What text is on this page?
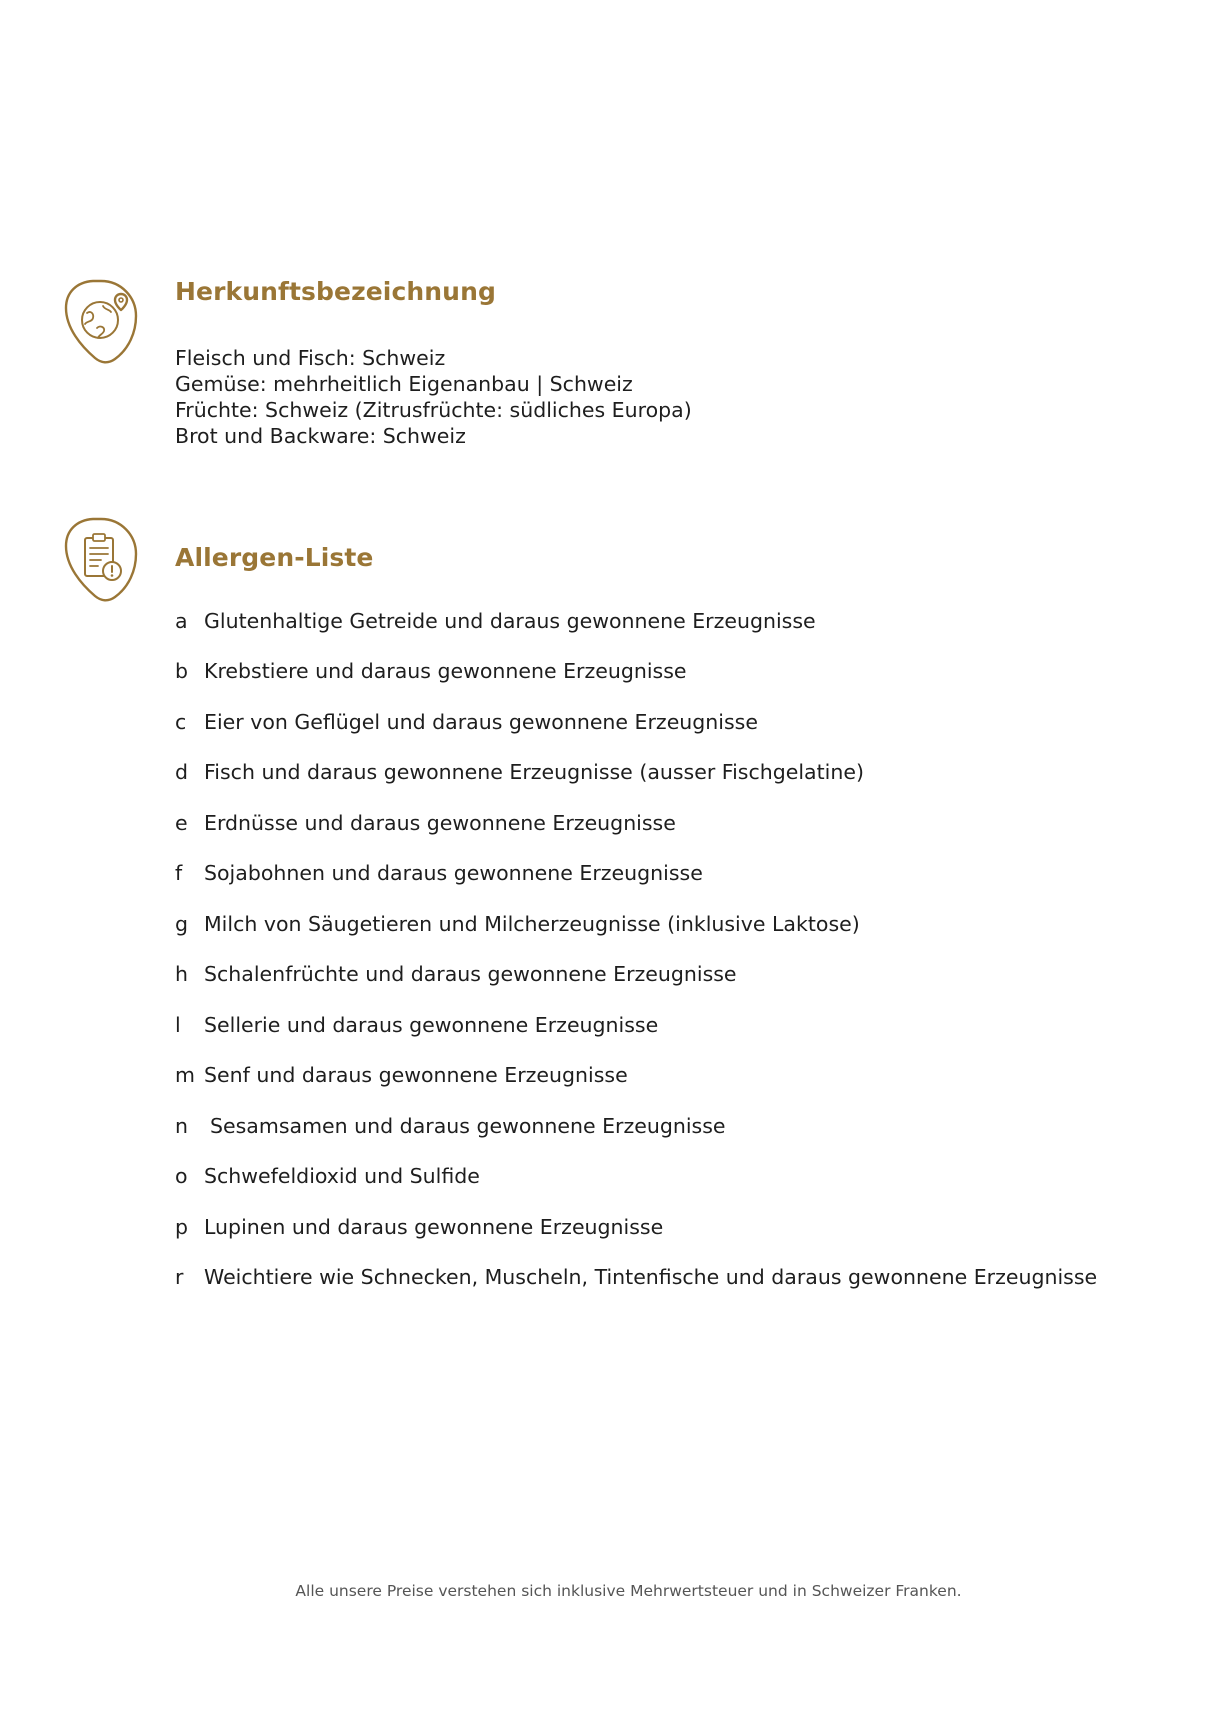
Herkunftsbezeichnung
Fleisch und Fisch: Schweiz
Gemüse: mehrheitlich Eigenanbau | Schweiz
Früchte: Schweiz (Zitrusfrüchte: südliches Europa)
Brot und Backware: Schweiz
Allergen-Liste
a Glutenhaltige Getreide und daraus gewonnene Erzeugnisse
b Krebstiere und daraus gewonnene Erzeugnisse
c Eier von Geflügel und daraus gewonnene Erzeugnisse
d Fisch und daraus gewonnene Erzeugnisse (ausser Fischgelatine)
e Erdnüsse und daraus gewonnene Erzeugnisse
f	Sojabohnen und daraus gewonnene Erzeugnisse
g Milch von Säugetieren und Milcherzeugnisse (inklusive Laktose)
h Schalenfrüchte und daraus gewonnene Erzeugnisse
l	Sellerie und daraus gewonnene Erzeugnisse
m Senf und daraus gewonnene Erzeugnisse
n	Sesamsamen und daraus gewonnene Erzeugnisse
o Schwefeldioxid und Sulfide
p Lupinen und daraus gewonnene Erzeugnisse
r	Weichtiere wie Schnecken, Muscheln, Tintenfische und daraus gewonnene Erzeugnisse
Alle unsere Preise verstehen sich inklusive Mehrwertsteuer und in Schweizer Franken.
